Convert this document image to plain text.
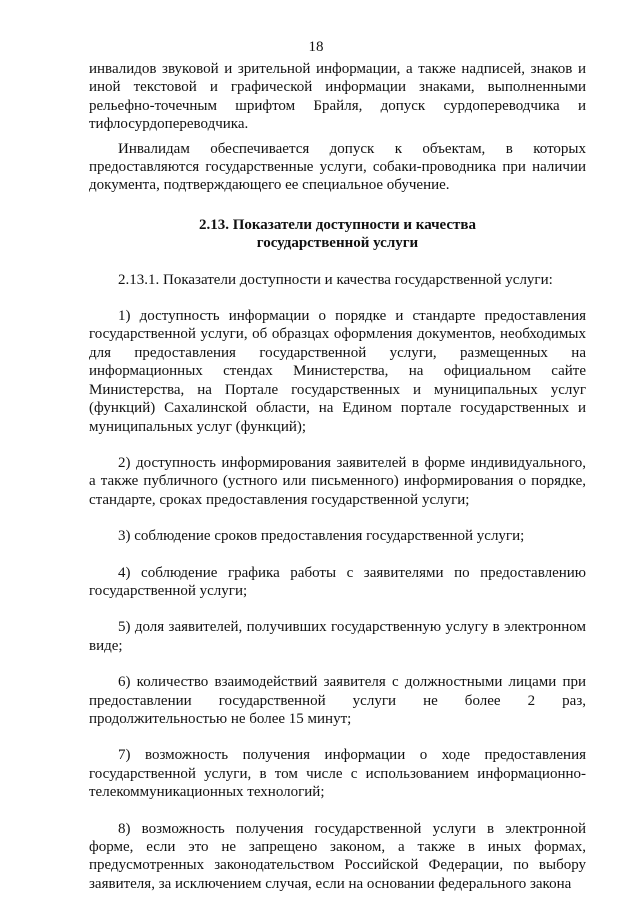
18

инвалидов звуковой и зрительной информации, а также надписей, знаков и иной текстовой и графической информации знаками, выполненными рельефно-точечным шрифтом Брайля, допуск сурдопереводчика и тифлосурдопереводчика.

Инвалидам обеспечивается допуск к объектам, в которых предоставляются государственные услуги, собаки-проводника при наличии документа, подтверждающего ее специальное обучение.

2.13. Показатели доступности и качества
государственной услуги

2.13.1. Показатели доступности и качества государственной услуги:

1) доступность информации о порядке и стандарте предоставления государственной услуги, об образцах оформления документов, необходимых для предоставления государственной услуги, размещенных на информационных стендах Министерства, на официальном сайте Министерства, на Портале государственных и муниципальных услуг (функций) Сахалинской области, на Едином портале государственных и муниципальных услуг (функций);

2) доступность информирования заявителей в форме индивидуального, а также публичного (устного или письменного) информирования о порядке, стандарте, сроках предоставления государственной услуги;

3) соблюдение сроков предоставления государственной услуги;

4) соблюдение графика работы с заявителями по предоставлению государственной услуги;

5) доля заявителей, получивших государственную услугу в электронном виде;

6) количество взаимодействий заявителя с должностными лицами при предоставлении государственной услуги не более 2 раз, продолжительностью не более 15 минут;

7) возможность получения информации о ходе предоставления государственной услуги, в том числе с использованием информационно-телекоммуникационных технологий;

8) возможность получения государственной услуги в электронной форме, если это не запрещено законом, а также в иных формах, предусмотренных законодательством Российской Федерации, по выбору заявителя, за исключением случая, если на основании федерального закона
